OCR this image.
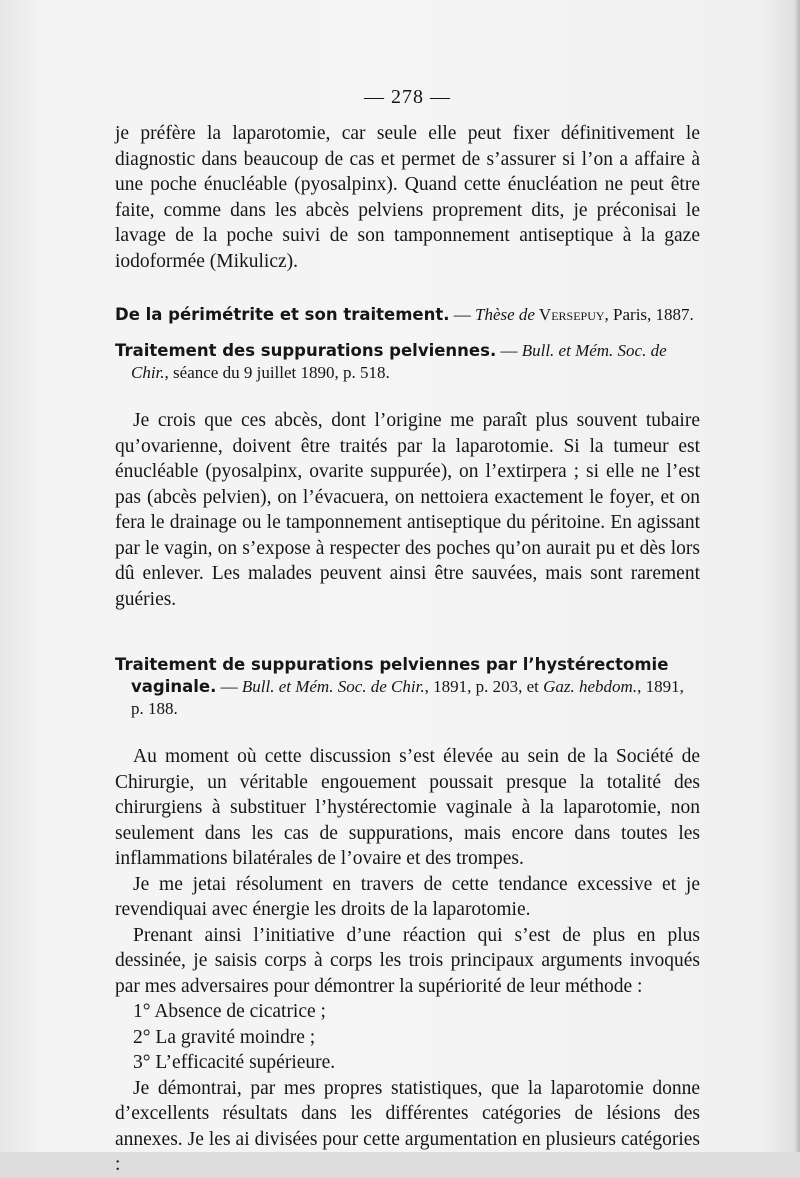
— 278 —

je préfère la laparotomie, car seule elle peut fixer définitivement le diagnostic dans beaucoup de cas et permet de s’assurer si l’on a affaire à une poche énucléable (pyosalpinx). Quand cette énucléation ne peut être faite, comme dans les abcès pelviens proprement dits, je préconisai le lavage de la poche suivi de son tamponnement antiseptique à la gaze iodoformée (Mikulicz).

De la périmétrite et son traitement. — Thèse de Versepuy, Paris, 1887.

Traitement des suppurations pelviennes. — Bull. et Mém. Soc. de
Chir., séance du 9 juillet 1890, p. 518.

Je crois que ces abcès, dont l’origine me paraît plus souvent tubaire qu’ovarienne, doivent être traités par la laparotomie. Si la tumeur est énucléable (pyosalpinx, ovarite suppurée), on l’extirpera ; si elle ne l’est pas (abcès pelvien), on l’évacuera, on nettoiera exactement le foyer, et on fera le drainage ou le tamponnement antiseptique du péritoine. En agissant par le vagin, on s’expose à respecter des poches qu’on aurait pu et dès lors dû enlever. Les malades peuvent ainsi être sauvées, mais sont rarement guéries.

Traitement de suppurations pelviennes par l’hystérectomie
vaginale. — Bull. et Mém. Soc. de Chir., 1891, p. 203, et Gaz. hebdom., 1891,
p. 188.

Au moment où cette discussion s’est élevée au sein de la Société de Chirurgie, un véritable engouement poussait presque la totalité des chirurgiens à substituer l’hystérectomie vaginale à la laparotomie, non seulement dans les cas de suppurations, mais encore dans toutes les inflammations bilatérales de l’ovaire et des trompes.

Je me jetai résolument en travers de cette tendance excessive et je revendiquai avec énergie les droits de la laparotomie.

Prenant ainsi l’initiative d’une réaction qui s’est de plus en plus dessinée, je saisis corps à corps les trois principaux arguments invoqués par mes adversaires pour démontrer la supériorité de leur méthode :

1° Absence de cicatrice ;

2° La gravité moindre ;

3° L’efficacité supérieure.

Je démontrai, par mes propres statistiques, que la laparotomie donne d’excellents résultats dans les différentes catégories de lésions des annexes. Je les ai divisées pour cette argumentation en plusieurs catégories :
